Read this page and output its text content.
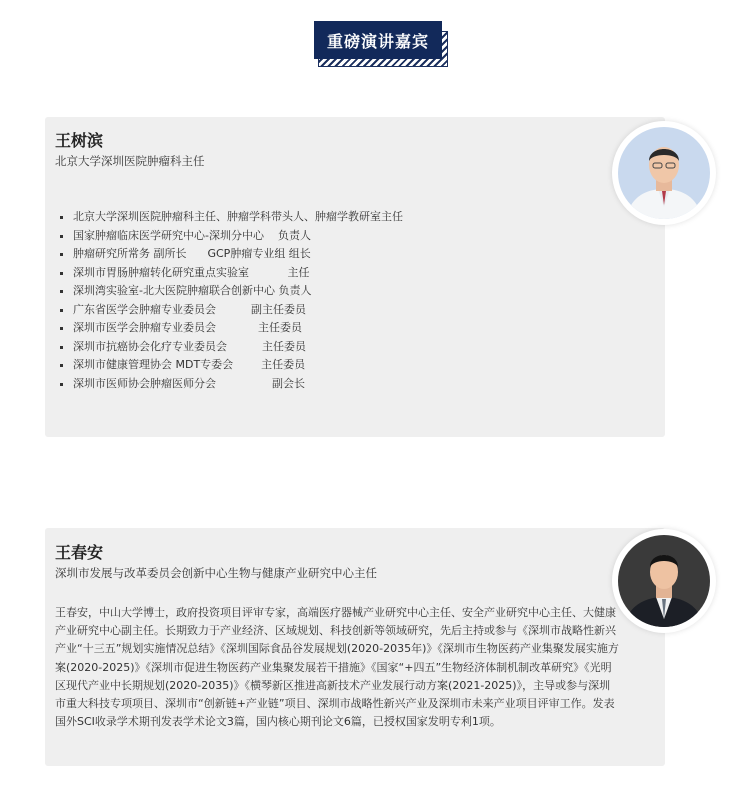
重磅演讲嘉宾
王树滨
北京大学深圳医院肿瘤科主任
▪ 北京大学深圳医院肿瘤科主任、肿瘤学科带头人、肿瘤学教研室主任
▪ 国家肿瘤临床医学研究中心-深圳分中心    负责人
▪ 肿瘤研究所常务 副所长      GCP肿瘤专业组 组长
▪ 深圳市胃肠肿瘤转化研究重点实验室           主任
▪ 深圳湾实验室-北大医院肿瘤联合创新中心 负责人
▪ 广东省医学会肿瘤专业委员会          副主任委员
▪ 深圳市医学会肿瘤专业委员会            主任委员
▪ 深圳市抗癌协会化疗专业委员会          主任委员
▪ 深圳市健康管理协会 MDT专委会        主任委员
▪ 深圳市医师协会肿瘤医师分会                副会长
王春安
深圳市发展与改革委员会创新中心生物与健康产业研究中心主任

王春安，中山大学博士，政府投资项目评审专家，高端医疗器械产业研究中心主任、安全产业研究中心主任、大健康产业研究中心副主任。长期致力于产业经济、区域规划、科技创新等领域研究，先后主持或参与《深圳市战略性新兴产业“十三五”规划实施情况总结》《深圳国际食品谷发展规划(2020-2035年)》《深圳市生物医药产业集聚发展实施方案(2020-2025)》《深圳市促进生物医药产业集聚发展若干措施》《国家“+四五”生物经济体制机制改革研究》《光明区现代产业中长期规划(2020-2035)》《横琴新区推进高新技术产业发展行动方案(2021-2025)》，主导或参与深圳市重大科技专项项目、深圳市“创新链+产业链”项目、深圳市战略性新兴产业及深圳市未来产业项目评审工作。发表国外SCI收录学术期刊发表学术论文3篇，国内核心期刊论文6篇，已授权国家发明专利1项。
